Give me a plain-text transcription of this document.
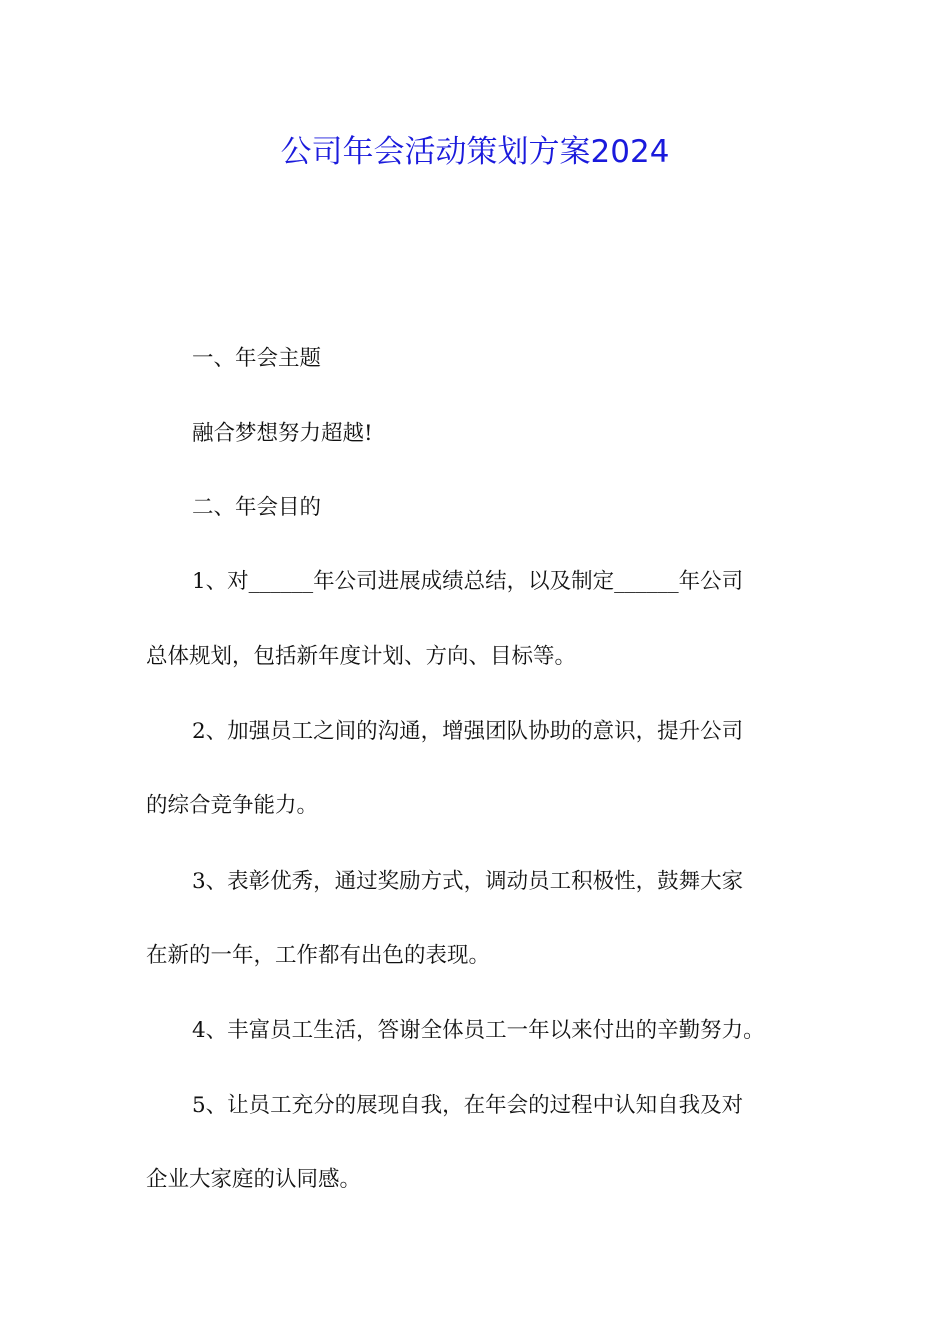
公司年会活动策划方案2024
一、年会主题
融合梦想努力超越!
二、年会目的
1、对______年公司进展成绩总结，以及制定______年公司
总体规划，包括新年度计划、方向、目标等。
2、加强员工之间的沟通，增强团队协助的意识，提升公司
的综合竞争能力。
3、表彰优秀，通过奖励方式，调动员工积极性，鼓舞大家
在新的一年，工作都有出色的表现。
4、丰富员工生活，答谢全体员工一年以来付出的辛勤努力。
5、让员工充分的展现自我，在年会的过程中认知自我及对
企业大家庭的认同感。
